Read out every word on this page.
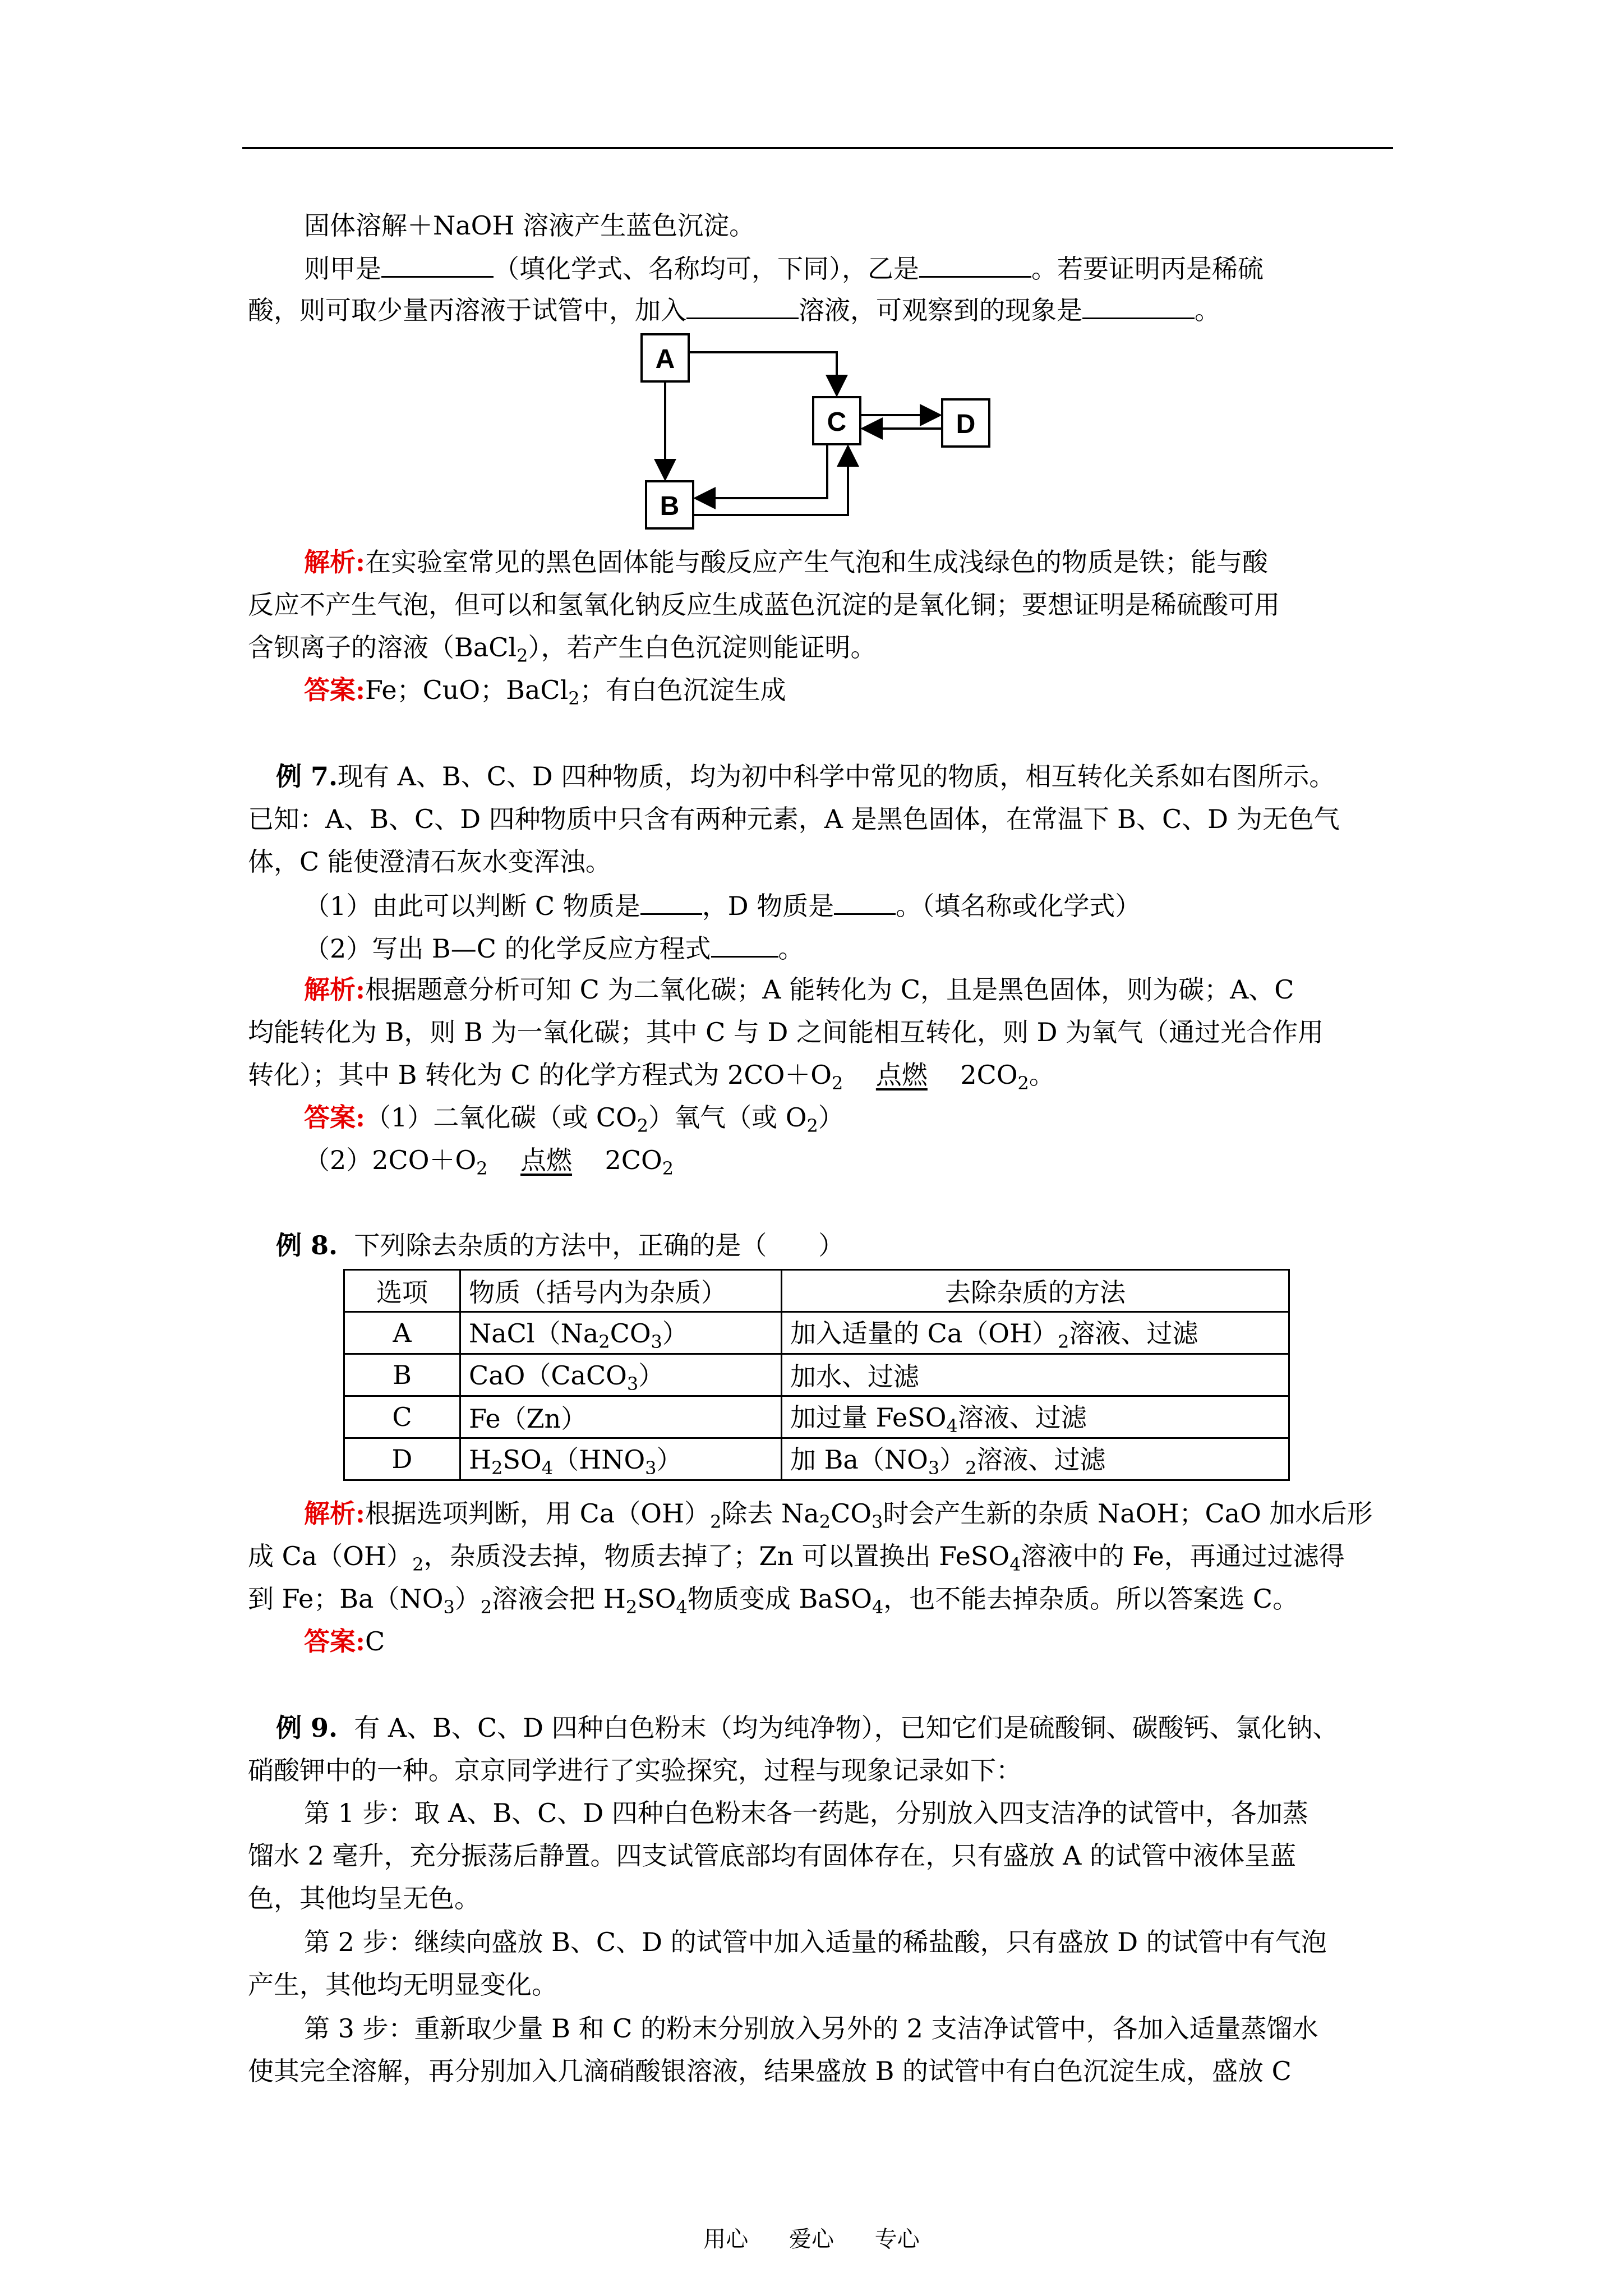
固体溶解＋NaOH 溶液产生蓝色沉淀。
则甲是	（填化学式、名称均可，下同），乙是	。若要证明丙是稀硫
酸，则可取少量丙溶液于试管中，加入	溶液，可观察到的现象是	。
A
B
C	D
解析:在实验室常见的黑色固体能与酸反应产生气泡和生成浅绿色的物质是铁；能与酸
反应不产生气泡，但可以和氢氧化钠反应生成蓝色沉淀的是氧化铜；要想证明是稀硫酸可用
含钡离子的溶液（BaCl$_2$），若产生白色沉淀则能证明。
答案:Fe；CuO；BaCl$_2$；有白色沉淀生成
例 7.现有 A、B、C、D 四种物质，均为初中科学中常见的物质，相互转化关系如右图所示。
已知：A、B、C、D 四种物质中只含有两种元素，A 是黑色固体，在常温下 B、C、D 为无色气
体，C 能使澄清石灰水变浑浊。
（1）由此可以判断 C 物质是 ，D 物质是 。（填名称或化学式）
（2）写出 B—C 的化学反应方程式	。
解析:根据题意分析可知 C 为二氧化碳；A 能转化为 C，且是黑色固体，则为碳；A、C
均能转化为 B，则 B 为一氧化碳；其中 C 与 D 之间能相互转化，则 D 为氧气（通过光合作用
转化）；其中 B 转化为 C 的化学方程式为 $2CO+O_2$ 点燃 $2CO_2$。
答案:（1）二氧化碳（或 $CO_2$）氧气（或 $O_2$）
$(2)2CO+O_2$ 点燃 $2CO_2$
例 8. 下列除去杂质的方法中，正确的是（　　）
选项	物质（括号内为杂质）	去除杂质的方法
A	$NaCl(Na_2CO_3)$	加入适量的 $Ca(OH)_2$溶液、过滤
B	CaO（CaCO$_3$）	加水、过滤
C	Fe（Zn）	加过量 FeSO$_4$溶液、过滤
D	$H_2SO_4(HNO_3)$	加 $Ba(NO_3)_2$溶液、过滤
解析:根据选项判断，用 $Ca(OH)_2$除去 $Na_2CO_3$时会产生新的杂质 NaOH；CaO 加水后形
成 $Ca(OH)_2$，杂质没去掉，物质去掉了；Zn 可以置换出 FeSO$_4$溶液中的 Fe，再通过过滤得
到 Fe；$Ba(NO_3)_2$溶液会把 $H_2SO_4$物质变成 BaSO$_4$，也不能去掉杂质。所以答案选 C。
答案:C
例 9. 有 A、B、C、D 四种白色粉末（均为纯净物），已知它们是硫酸铜、碳酸钙、氯化钠、
硝酸钾中的一种。京京同学进行了实验探究，过程与现象记录如下：
第 1 步：取 A、B、C、D 四种白色粉末各一药匙，分别放入四支洁净的试管中，各加蒸
馏水 2 毫升，充分振荡后静置。四支试管底部均有固体存在，只有盛放 A 的试管中液体呈蓝
色，其他均呈无色。
第 2 步：继续向盛放 B、C、D 的试管中加入适量的稀盐酸，只有盛放 D 的试管中有气泡
产生，其他均无明显变化。
第 3 步：重新取少量 B 和 C 的粉末分别放入另外的 2 支洁净试管中，各加入适量蒸馏水
使其完全溶解，再分别加入几滴硝酸银溶液，结果盛放 B 的试管中有白色沉淀生成，盛放 C
用心 爱心 专心
